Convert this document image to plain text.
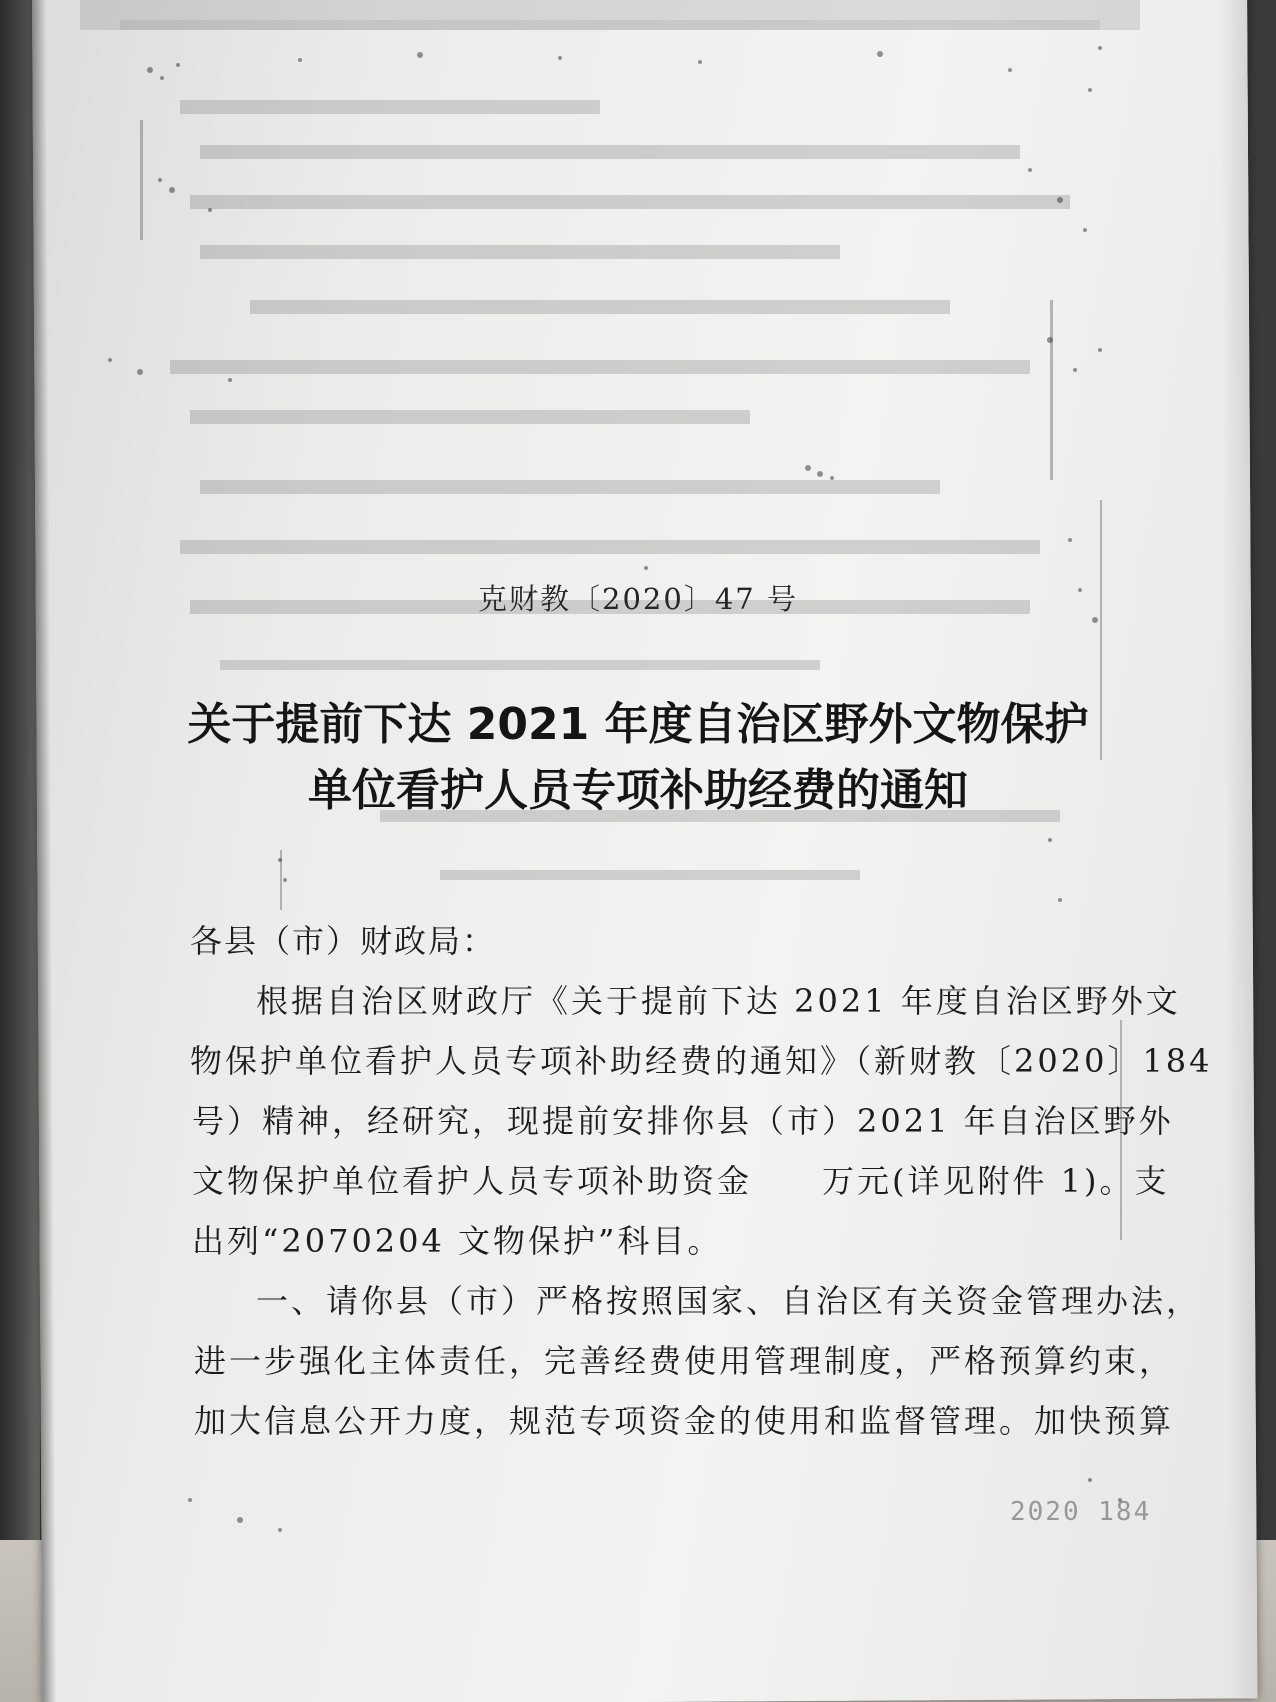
克财教〔2020〕47 号
关于提前下达 2021 年度自治区野外文物保护
单位看护人员专项补助经费的通知
各县（市）财政局：
根据自治区财政厅《关于提前下达 2021 年度自治区野外文
物保护单位看护人员专项补助经费的通知》（新财教〔2020〕184
号）精神，经研究，现提前安排你县（市）2021 年自治区野外
文物保护单位看护人员专项补助资金　　万元(详见附件 1)。支
出列“2070204 文物保护”科目。
一、请你县（市）严格按照国家、自治区有关资金管理办法，
进一步强化主体责任，完善经费使用管理制度，严格预算约束，
加大信息公开力度，规范专项资金的使用和监督管理。加快预算
2020 184
